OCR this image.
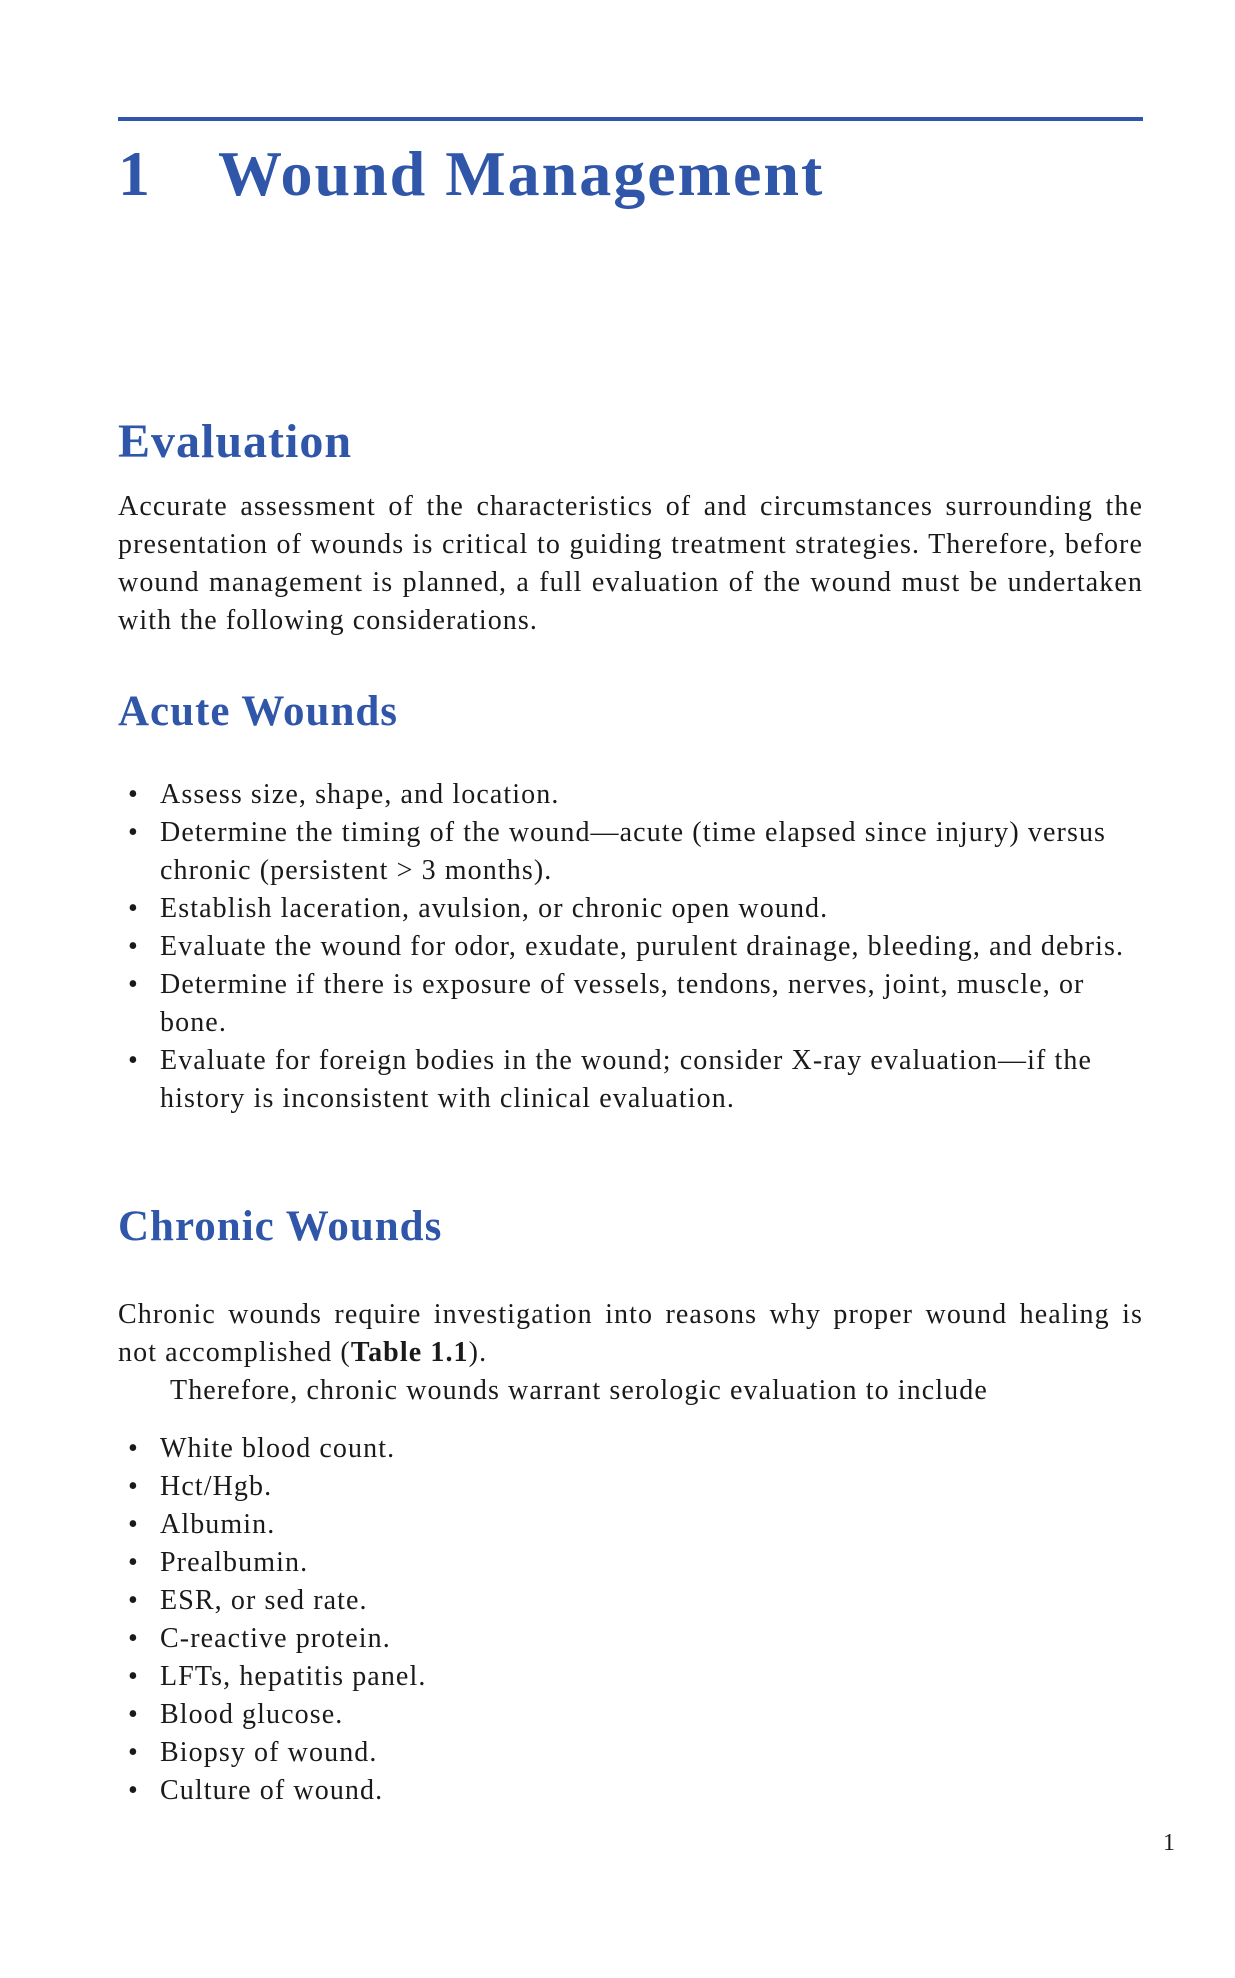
1 Wound Management
Evaluation

Accurate assessment of the characteristics of and circumstances surrounding the presentation of wounds is critical to guiding treatment strategies. Therefore, before wound management is planned, a full evaluation of the wound must be undertaken with the following considerations.

Acute Wounds
• Assess size, shape, and location.
• Determine the timing of the wound—acute (time elapsed since injury) versus chronic (persistent > 3 months).
• Establish laceration, avulsion, or chronic open wound.
• Evaluate the wound for odor, exudate, purulent drainage, bleeding, and debris.
• Determine if there is exposure of vessels, tendons, nerves, joint, muscle, or bone.
• Evaluate for foreign bodies in the wound; consider X-ray evaluation—if the history is inconsistent with clinical evaluation.
Chronic Wounds

Chronic wounds require investigation into reasons why proper wound healing is not accomplished (Table 1.1).

Therefore, chronic wounds warrant serologic evaluation to include

• White blood count.
• Hct/Hgb.
• Albumin.
• Prealbumin.
• ESR, or sed rate.
• C-reactive protein.
• LFTs, hepatitis panel.
• Blood glucose.
• Biopsy of wound.
• Culture of wound.

1
